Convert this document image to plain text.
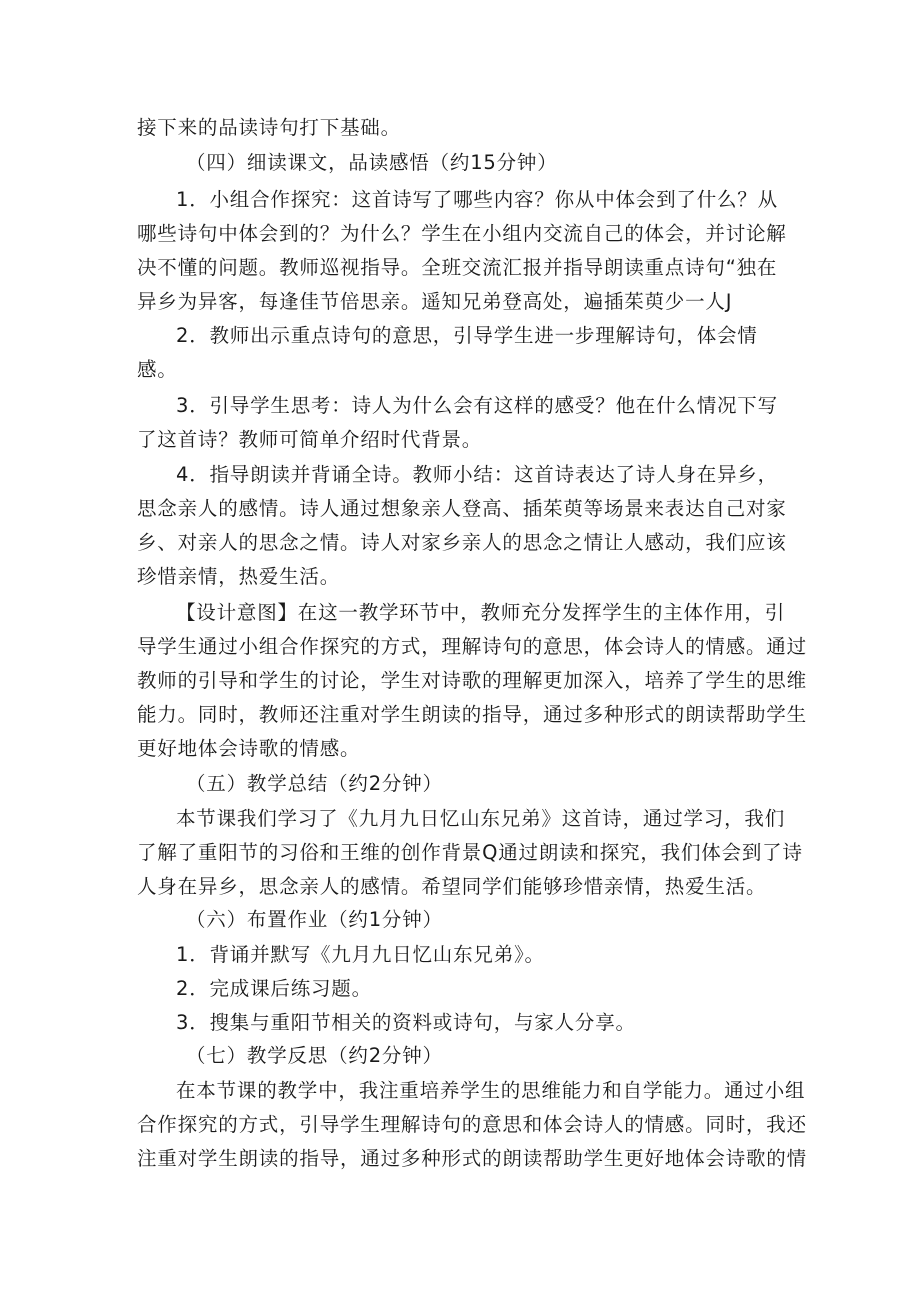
接下来的品读诗句打下基础。
（四）细读课文，品读感悟（约15分钟）
1．小组合作探究：这首诗写了哪些内容？你从中体会到了什么？从
哪些诗句中体会到的？为什么？学生在小组内交流自己的体会，并讨论解
决不懂的问题。教师巡视指导。全班交流汇报并指导朗读重点诗句“独在
异乡为异客，每逢佳节倍思亲。遥知兄弟登高处，遍插茱萸少一人J
2．教师出示重点诗句的意思，引导学生进一步理解诗句，体会情
感。
3．引导学生思考：诗人为什么会有这样的感受？他在什么情况下写
了这首诗？教师可简单介绍时代背景。
4．指导朗读并背诵全诗。教师小结：这首诗表达了诗人身在异乡，
思念亲人的感情。诗人通过想象亲人登高、插茱萸等场景来表达自己对家
乡、对亲人的思念之情。诗人对家乡亲人的思念之情让人感动，我们应该
珍惜亲情，热爱生活。
【设计意图】在这一教学环节中，教师充分发挥学生的主体作用，引
导学生通过小组合作探究的方式，理解诗句的意思，体会诗人的情感。通过
教师的引导和学生的讨论，学生对诗歌的理解更加深入，培养了学生的思维
能力。同时，教师还注重对学生朗读的指导，通过多种形式的朗读帮助学生
更好地体会诗歌的情感。
（五）教学总结（约2分钟）
本节课我们学习了《九月九日忆山东兄弟》这首诗，通过学习，我们
了解了重阳节的习俗和王维的创作背景Q通过朗读和探究，我们体会到了诗
人身在异乡，思念亲人的感情。希望同学们能够珍惜亲情，热爱生活。
（六）布置作业（约1分钟）
1．背诵并默写《九月九日忆山东兄弟》。
2．完成课后练习题。
3．搜集与重阳节相关的资料或诗句，与家人分享。
（七）教学反思（约2分钟）
在本节课的教学中，我注重培养学生的思维能力和自学能力。通过小组
合作探究的方式，引导学生理解诗句的意思和体会诗人的情感。同时，我还
注重对学生朗读的指导，通过多种形式的朗读帮助学生更好地体会诗歌的情
